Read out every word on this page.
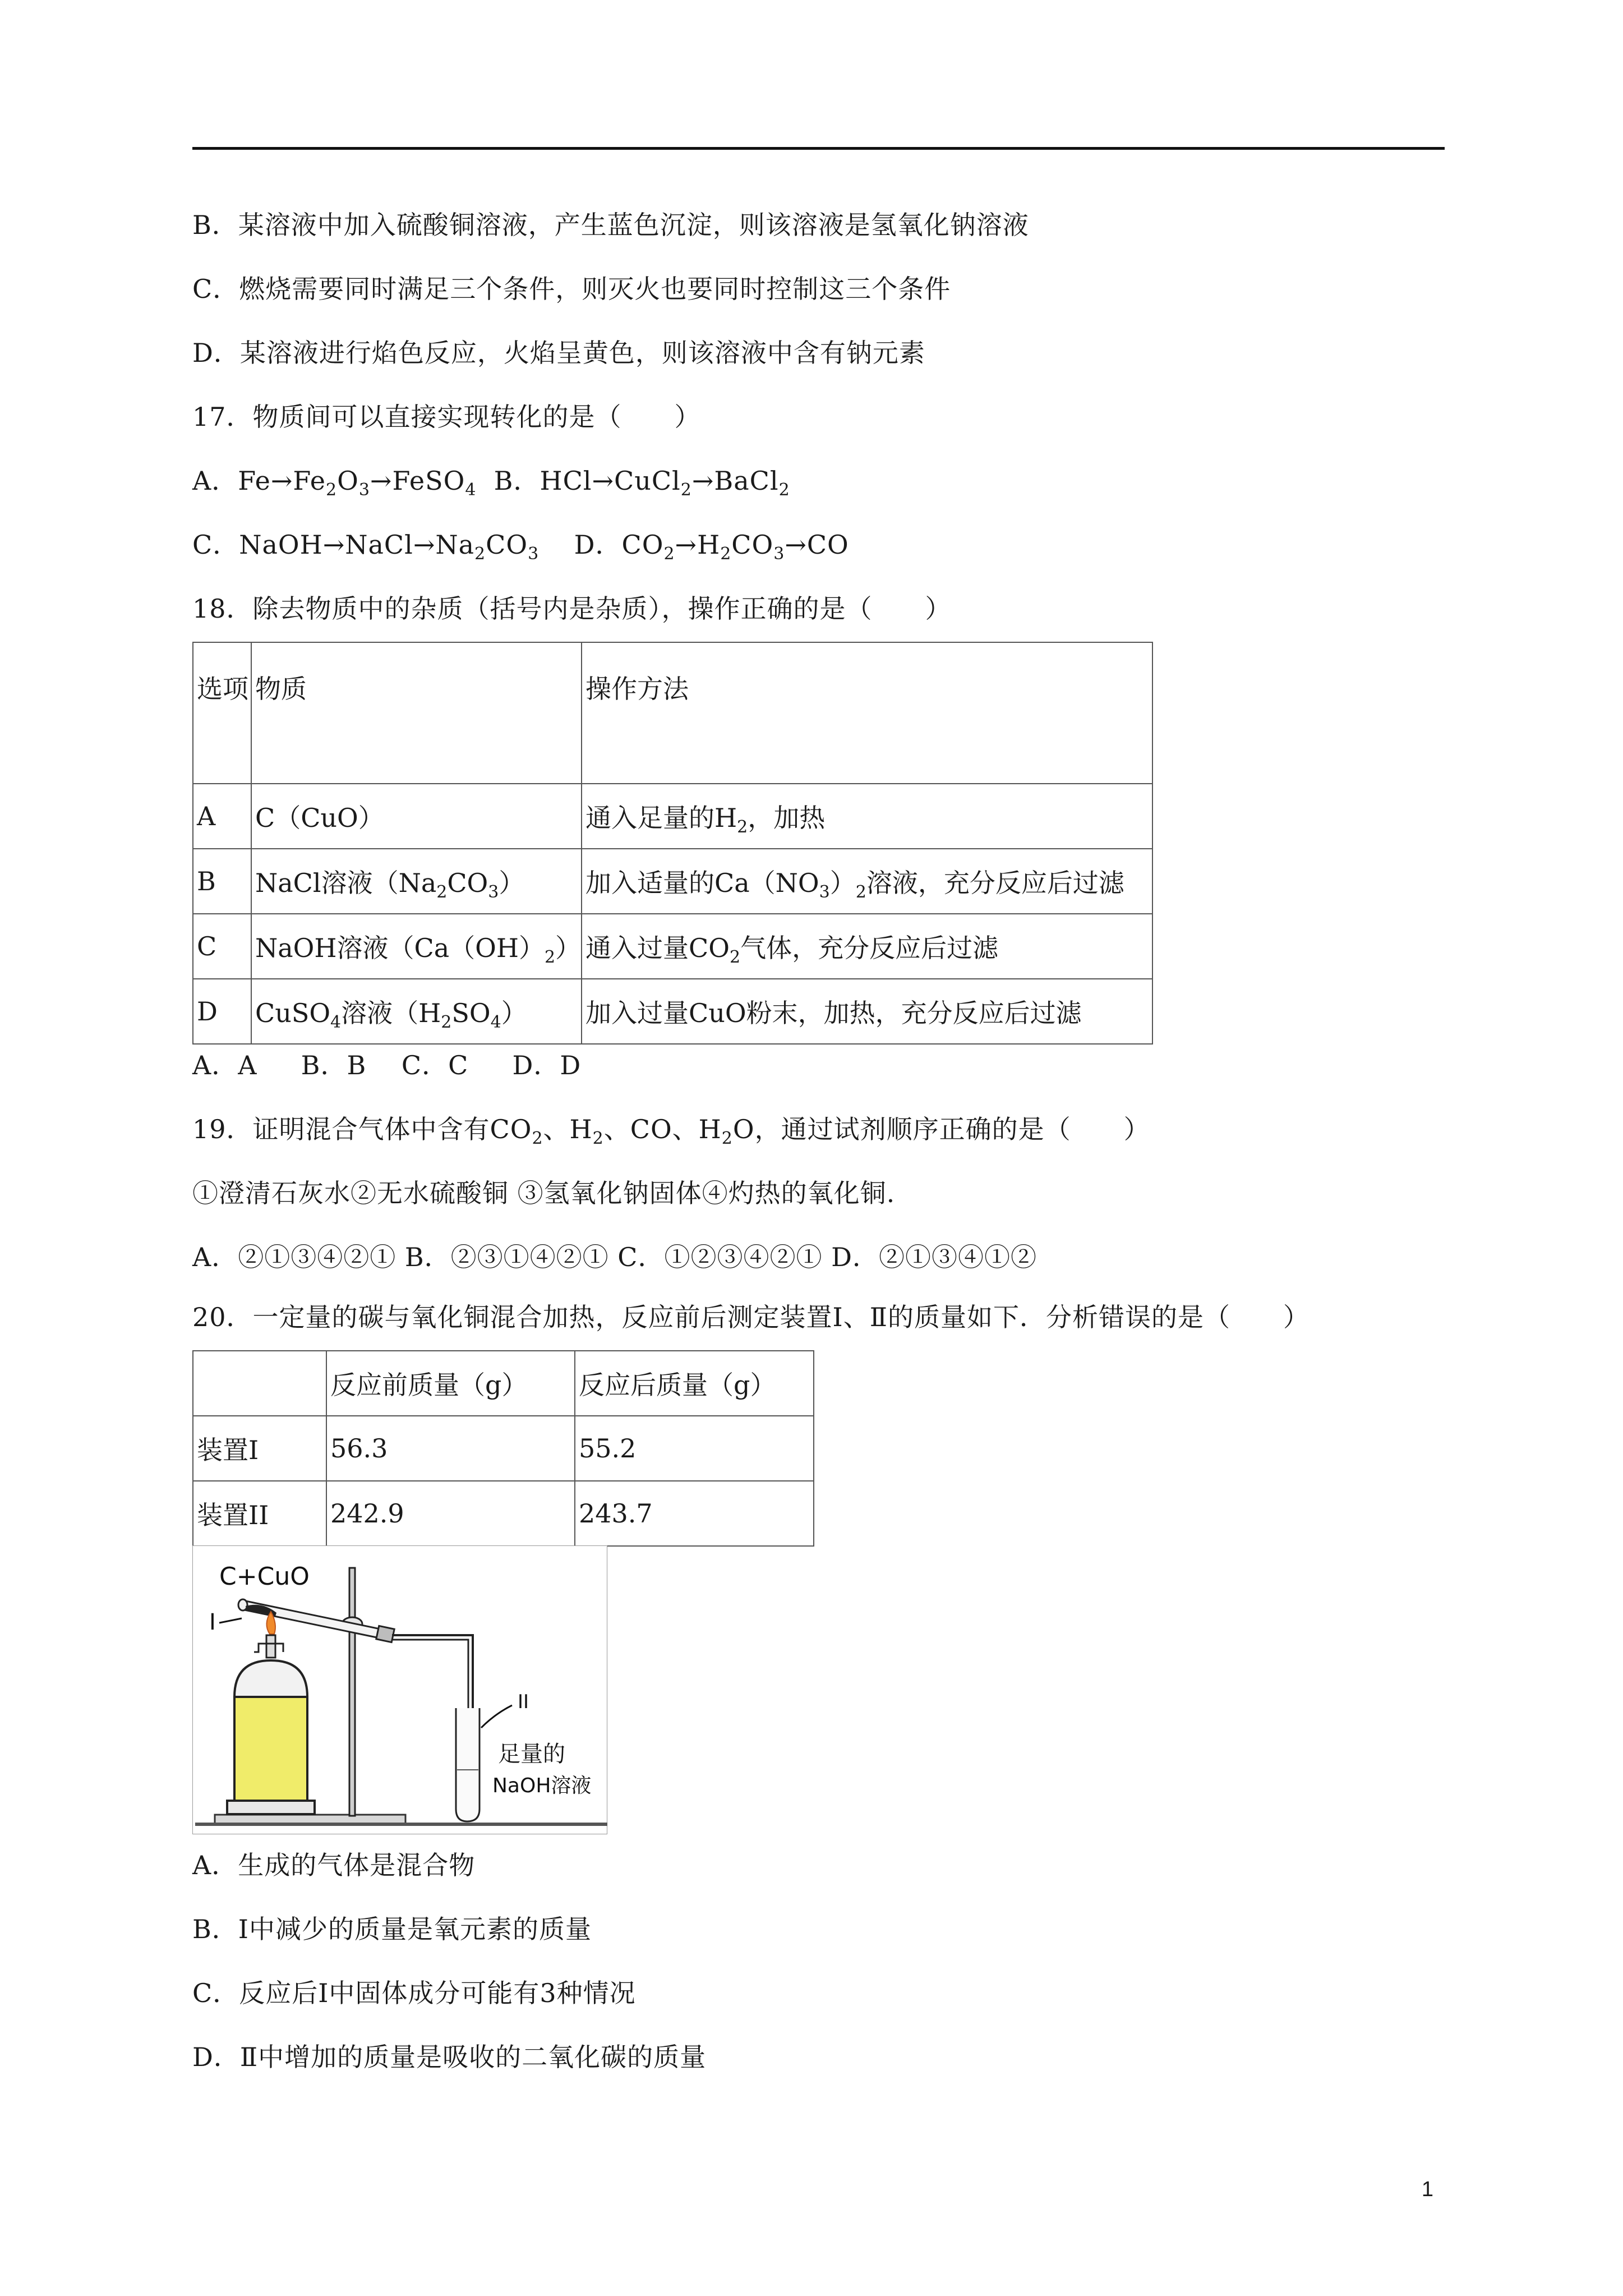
B．某溶液中加入硫酸铜溶液，产生蓝色沉淀，则该溶液是氢氧化钠溶液
C．燃烧需要同时满足三个条件，则灭火也要同时控制这三个条件
D．某溶液进行焰色反应，火焰呈黄色，则该溶液中含有钠元素
17．物质间可以直接实现转化的是（　　）
A．$Fe\to Fe_2O_3\to FeSO_4$  B．HCl→CuCl$_2$→BaCl$_2$
C．$NaOH\to NaCl\to Na_2CO_3$    D．$CO_2\to H_2CO_3\to CO$
18．除去物质中的杂质（括号内是杂质），操作正确的是（　　）
选项	物质	操作方法
A	C（CuO）	通入足量的$H_2$，加热
B	NaCl溶液$(Na_2CO_3)$	加入适量的$Ca(NO_3)_2$溶液，充分反应后过滤
C	NaOH溶液$(Ca(OH)_2)$	通入过量$CO_2$气体，充分反应后过滤
D	CuSO$_4$溶液$(H_2SO_4)$	加入过量CuO粉末，加热，充分反应后过滤
A．A　  B．B　 C．C　  D．D
19．证明混合气体中含有$CO_2$、$H_2$、CO、$H_2O$，通过试剂顺序正确的是（　　）
①澄清石灰水②无水硫酸铜 ③氢氧化钠固体④灼热的氧化铜.
A．②①③④②① B．②③①④②① C．①②③④②① D．②①③④①②
20．一定量的碳与氧化铜混合加热，反应前后测定装置Ⅰ、Ⅱ的质量如下．分析错误的是（　　）
	反应前质量（g）	反应后质量（g）
装置Ⅰ	56.3	55.2
装置II	242.9	243.7
C+CuO
I
II
足量的
NaOH溶液
A．生成的气体是混合物
B．Ⅰ中减少的质量是氧元素的质量
C．反应后Ⅰ中固体成分可能有3种情况
D．Ⅱ中增加的质量是吸收的二氧化碳的质量
1
